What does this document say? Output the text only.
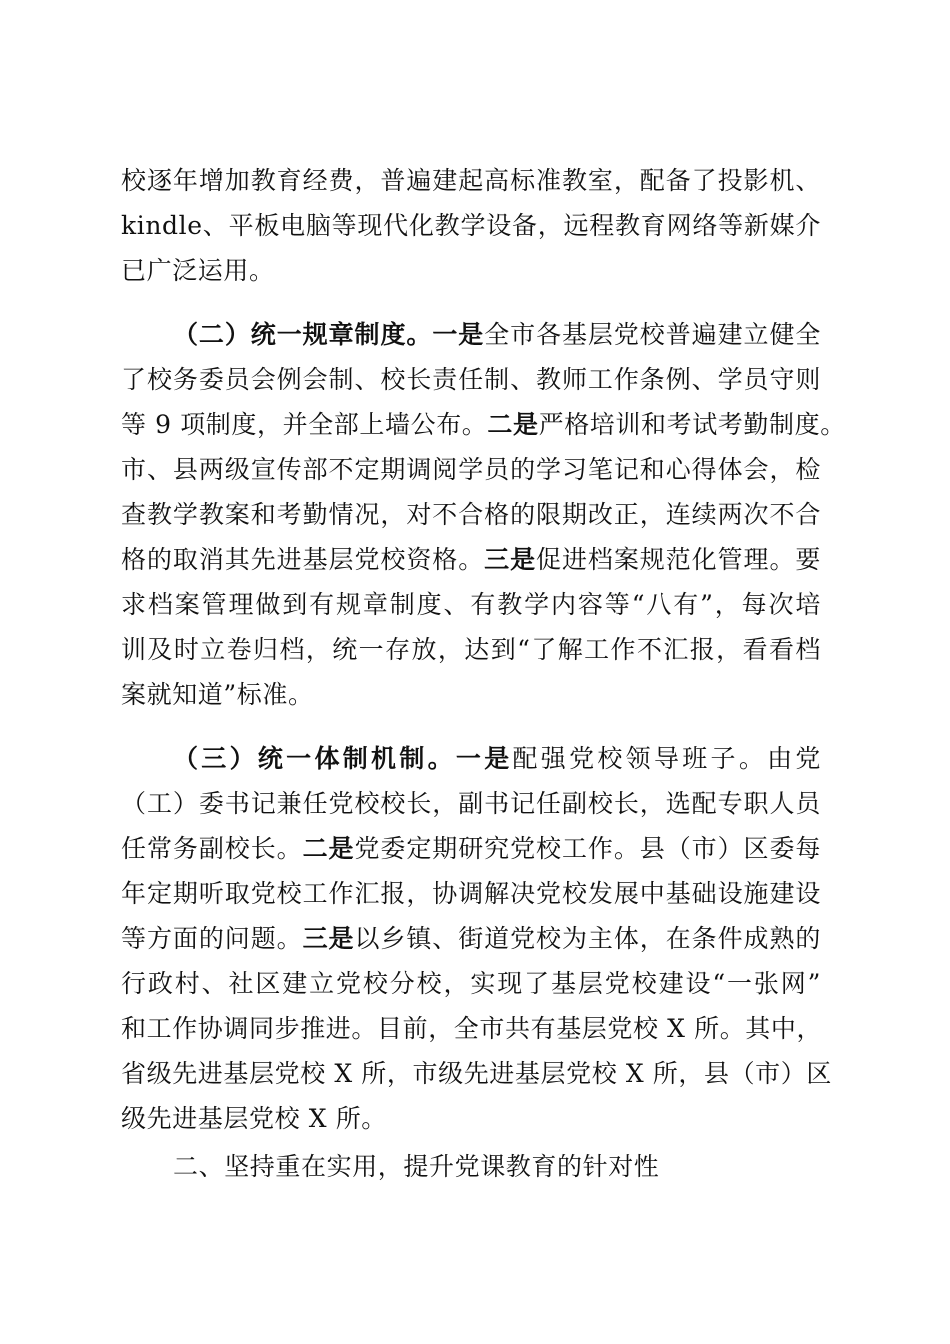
校逐年增加教育经费，普遍建起高标准教室，配备了投影机、
kindle、平板电脑等现代化教学设备，远程教育网络等新媒介
已广泛运用。
（二）统一规章制度。一是全市各基层党校普遍建立健全
了校务委员会例会制、校长责任制、教师工作条例、学员守则
等 9 项制度，并全部上墙公布。二是严格培训和考试考勤制度。
市、县两级宣传部不定期调阅学员的学习笔记和心得体会，检
查教学教案和考勤情况，对不合格的限期改正，连续两次不合
格的取消其先进基层党校资格。三是促进档案规范化管理。要
求档案管理做到有规章制度、有教学内容等“八有”，每次培
训及时立卷归档，统一存放，达到“了解工作不汇报，看看档
案就知道”标准。
（三）统一体制机制。一是配强党校领导班子。由党
（工）委书记兼任党校校长，副书记任副校长，选配专职人员
任常务副校长。二是党委定期研究党校工作。县（市）区委每
年定期听取党校工作汇报，协调解决党校发展中基础设施建设
等方面的问题。三是以乡镇、街道党校为主体，在条件成熟的
行政村、社区建立党校分校，实现了基层党校建设“一张网”
和工作协调同步推进。目前，全市共有基层党校 X 所。其中，
省级先进基层党校 X 所，市级先进基层党校 X 所，县（市）区
级先进基层党校 X 所。
二、坚持重在实用，提升党课教育的针对性
